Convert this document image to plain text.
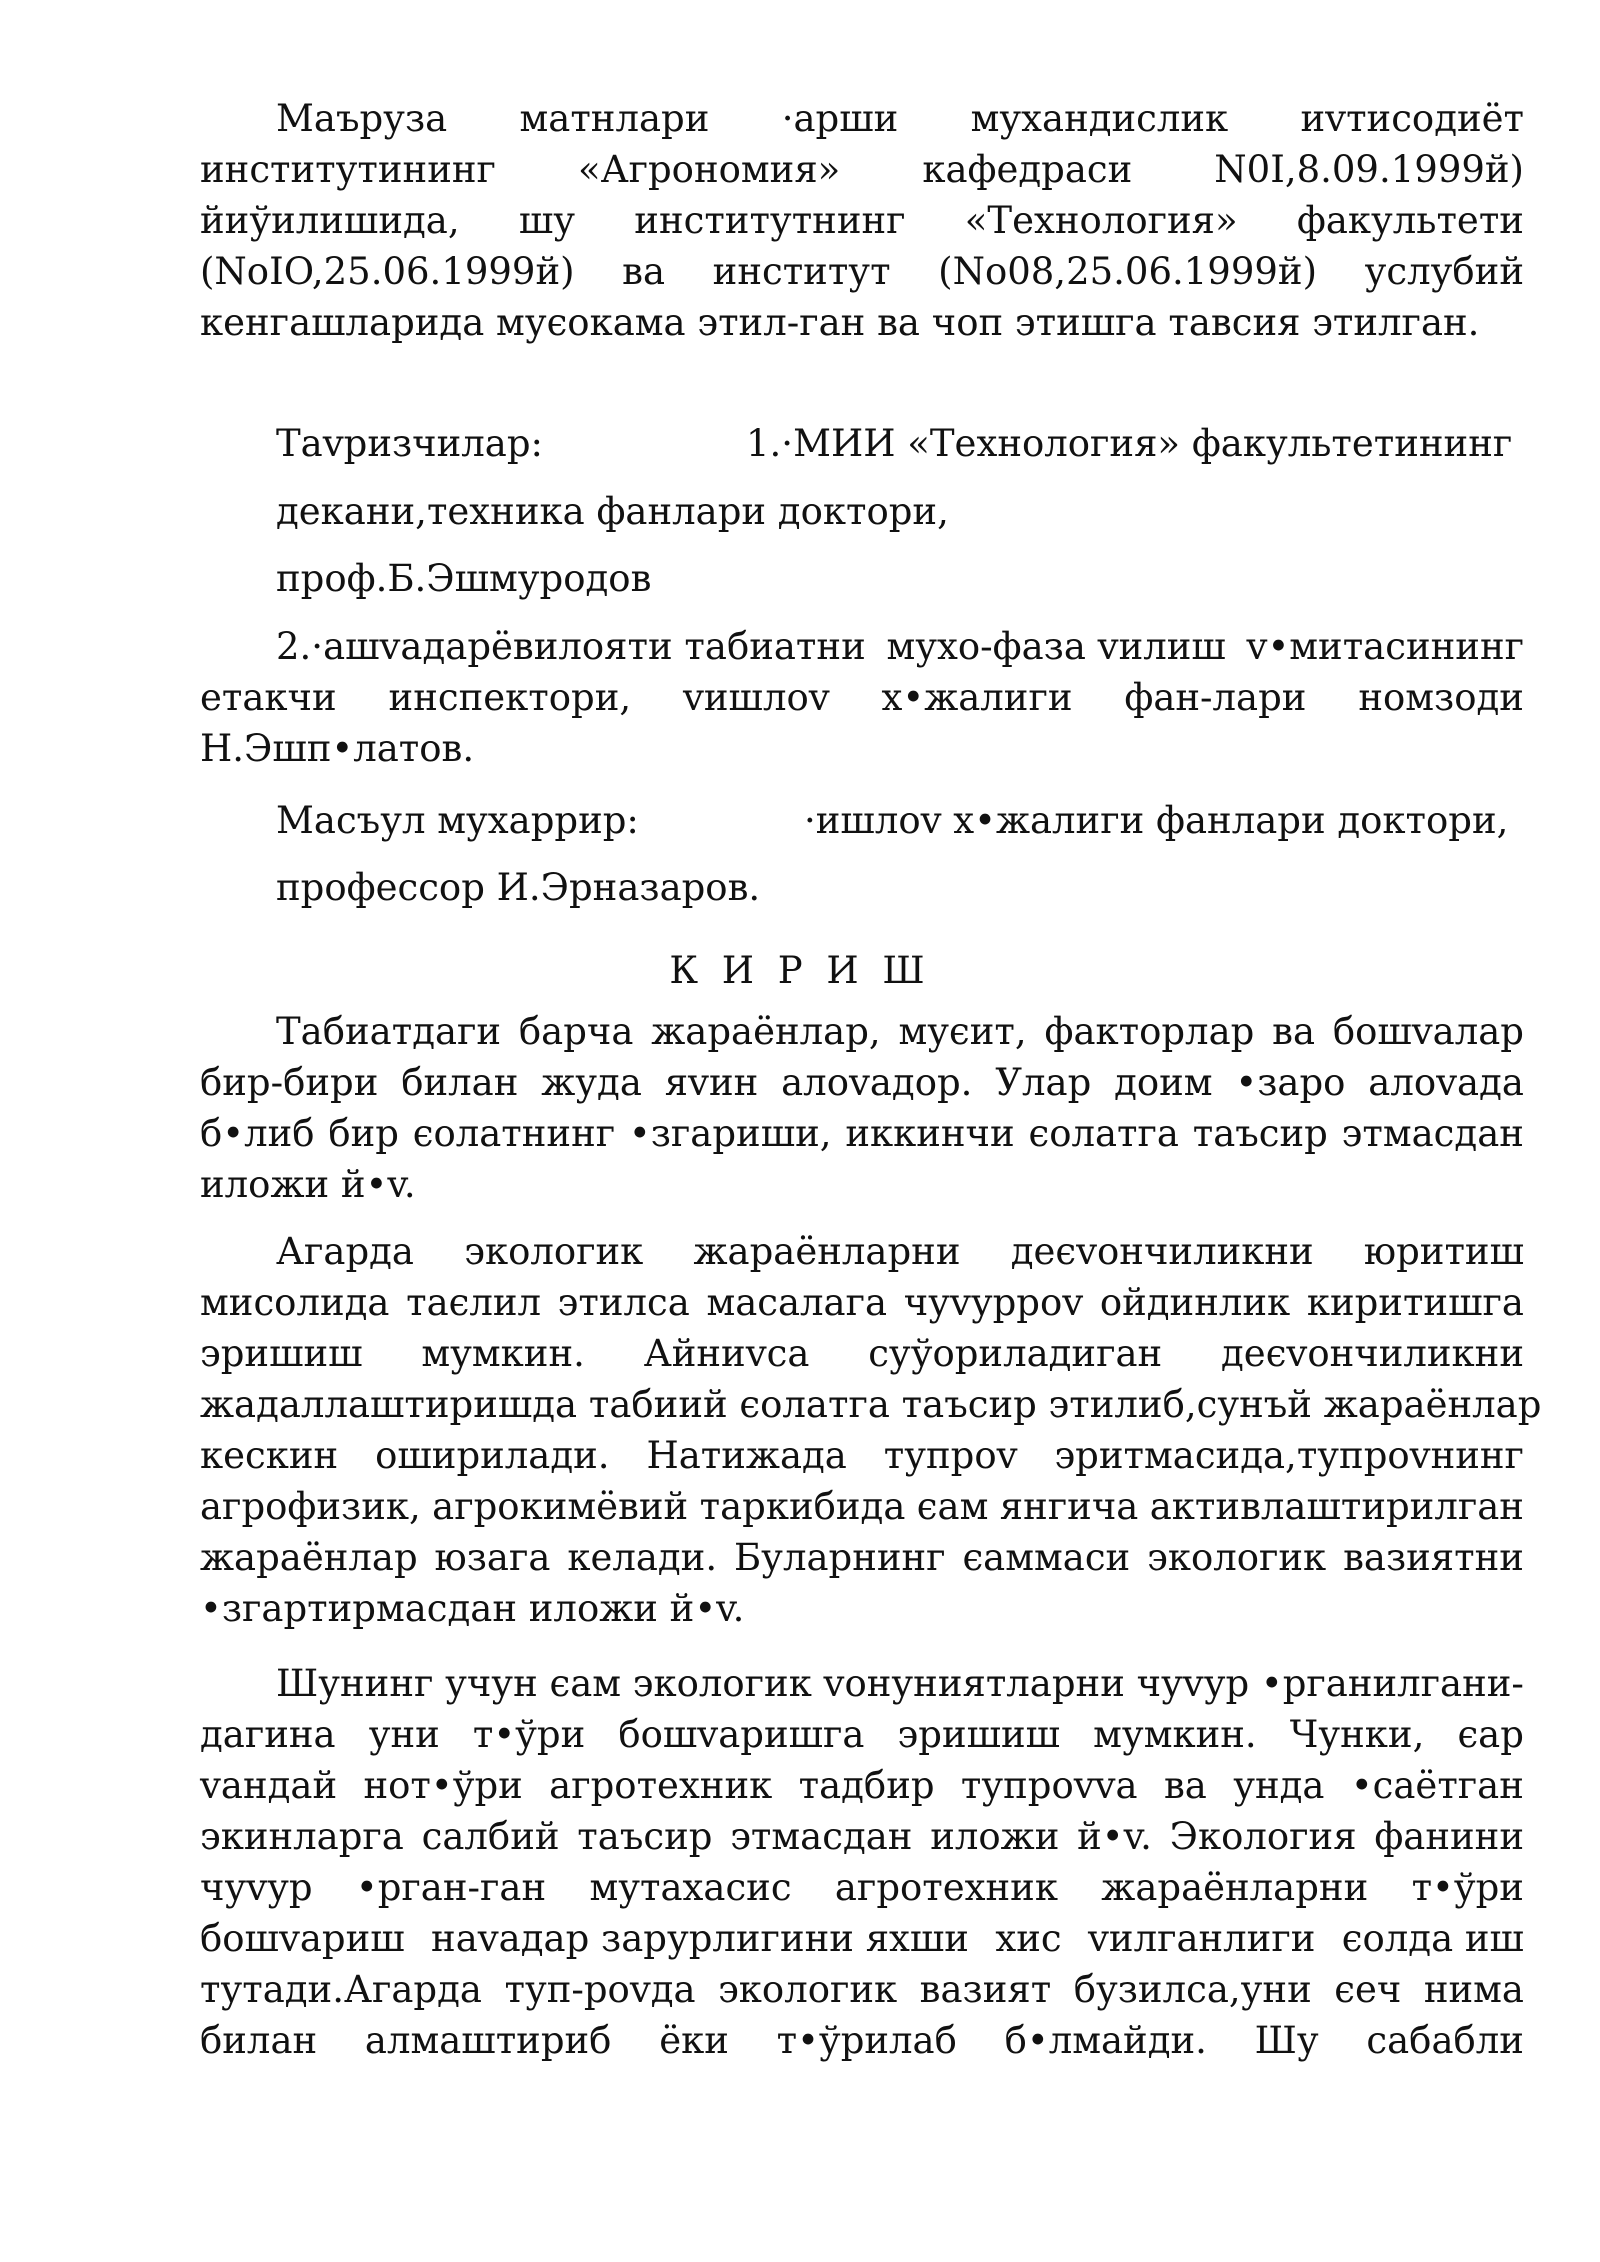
Маъруза матнлари ·арши мухандислик иvтисодиёт
институтининг «Агрономия» кафедраси N0I,8.09.1999й)
йиўилишида, шу институтнинг «Технология» факультети
(NoIO,25.06.1999й) ва институт (No08,25.06.1999й) услубий
кенгашларида муєокама этил-ган ва чоп этишга тавсия этилган.
Таvризчилар:	1.·МИИ «Технология» факультетининг
декани,техника фанлари доктори,
проф.Б.Эшмуродов
2.·ашvадарёвилояти табиатни мухо-фаза vилиш v•митасининг
етакчи инспектори, vишлоv х•жалиги фан-лари номзоди
Н.Эшп•латов.
Масъул мухаррир:	·ишлоv х•жалиги фанлари доктори,
профессор И.Эрназаров.
К И Р И Ш
Табиатдаги барча жараёнлар, муєит, факторлар ва бошvалар
бир-бири билан жуда яvин алоvадор. Улар доим •заро алоvада
б•либ бир єолатнинг •згариши, иккинчи єолатга таъсир этмасдан
иложи й•v.
Агарда экологик жараёнларни деєvончиликни юритиш
мисолида таєлил этилса масалага чуvурроv ойдинлик киритишга
эришиш мумкин. Айниvса суўориладиган деєvончиликни
жадаллаштиришда табиий єолатга таъсир этилиб,сунъй жараёнлар
кескин оширилади. Натижада тупроv эритмасида,тупроvнинг
агрофизик, агрокимёвий таркибида єам янгича активлаштирилган
жараёнлар юзага келади. Буларнинг єаммаси экологик вазиятни
•згартирмасдан иложи й•v.
Шунинг учун єам экологик vонуниятларни чуvур •рганилгани-
дагина уни т•ўри бошvаришга эришиш мумкин. Чунки, єар
vандай нот•ўри агротехник тадбир тупроvvа ва унда •саётган
экинларга салбий таъсир этмасдан иложи й•v. Экология фанини
чуvур •рган-ган мутахасис агротехник жараёнларни т•ўри
бошvариш наvадар зарурлигини яхши хис vилганлиги єолда иш
тутади.Агарда туп-роvда экологик вазият бузилса,уни єеч нима
билан алмаштириб ёки т•ўрилаб б•лмайди. Шу сабабли
